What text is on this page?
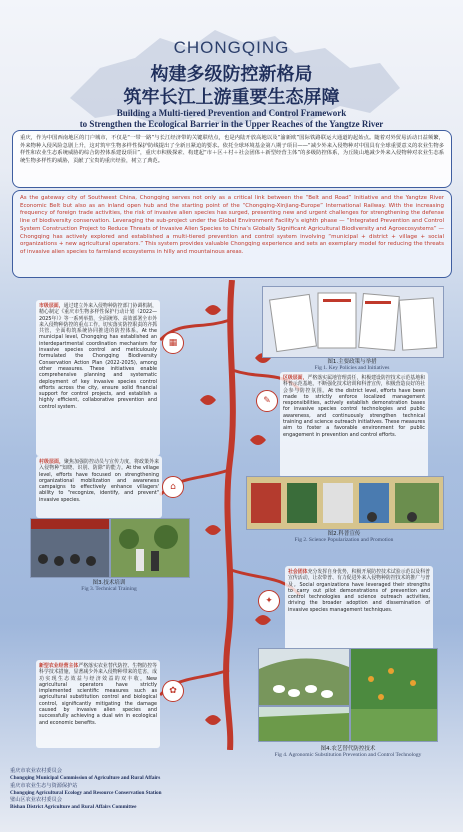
CHONGQING
构建多级防控新格局
筑牢长江上游重要生态屏障
Building a Multi-tiered Prevention and Control Framework
to Strengthen the Ecological Barrier in the Upper Reaches of the Yangtze River

重庆，作为中国西南地区的门户城市，不仅是“一带一路”与长江经济带的关键联结点，也是内陆开放高地以及“渝新欧”国际铁路联运大通道的起始点。随着对外贸易活动日益频繁，外来物种入侵风险急剧上升，这对筑牢生物多样性保护防线提出了全新且紧迫的要求。依托全球环境基金第八期子项目——“减少外来入侵物种对中国具有全球重要意义的农业生物多样性和农业生态系统威胁的综合防控体系建设项目”，重庆市积极探索、构建起“市＋区＋村＋社会团体＋新型经营主体”的多级防控体系，为丘陵山地减少外来入侵物种对农业生态系统生物多样性的威胁，贡献了宝贵的重庆经验，树立了典范。

As the gateway city of Southwest China, Chongqing serves not only as a critical link between the “Belt and Road” Initiative and the Yangtze River Economic Belt but also as an inland open hub and the starting point of the “Chongqing-Xinjiang-Europe” International Railway. With the increasing frequency of foreign trade activities, the risk of invasive alien species has surged, presenting new and urgent challenges for strengthening the defense line of biodiversity conservation. Leveraging the sub-project under the Global Environment Facility’s eighth phase — “Integrated Prevention and Control System Construction Project to Reduce Threats of Invasive Alien Species to China’s Globally Significant Agricultural Biodiversity and Agroecosystems” — Chongqing has actively explored and established a multi-tiered prevention and control system involving “municipal + district + village + social organizations + new agricultural operators.” This system provides valuable Chongqing experience and sets an exemplary model for reducing the threats of invasive alien species to farmland ecosystems in hilly and mountainous areas.

市级层面，通过建立外来入侵物种防控部门协调机制，精心制定《重庆市生物多样性保护行动计划（2022—2025年）》等一系列举措，全面统筹、高效部署全市外来入侵物种防控的重点工作。切实落实防控职责的齐抓共管，全面构筑系统协同推进的防控体系。At the municipal level, Chongqing has established an interdepartmental coordination mechanism for invasive species control and meticulously formulated the Chongqing Biodiversity Conservation Action Plan (2022-2025), among other measures. These initiatives enable comprehensive planning and systematic deployment of key invasive species control efforts across the city, ensure solid financial support for control projects, and establish a highly efficient, collaborative prevention and control system.

▦
图1.主要政策与举措
Fig 1. Key Policies and Initiatives
✎

区级层面，严格落实属地管理责任，积极建设防控技术示范基地和科普示范基地，不断强化技术培训和科普宣传，积极营造良好的社会参与防控氛围。At the district level, efforts have been made to strictly enforce localized management responsibilities, actively establish demonstration bases for invasive species control technologies and public awareness, and continuously strengthen technical training and science outreach initiatives. These measures aim to foster a favorable environment for public engagement in prevention and control efforts.

图2.科普宣传
Fig 2. Science Popularization and Promotion

村级层面，聚焦加强防控动员与宣传力度，将政策外来入侵物种“知晓、识别、防除”的能力。At the village level, efforts have focused on strengthening organizational mobilization and awareness campaigns to effectively enhance villagers' ability to "recognize, identify, and prevent" invasive species.

⌂
图3.技术培训
Fig 3. Technical Training
✦

社会团体充分发挥自身优势，积极开展防控技术试验示范以及科普宣传活动，让农带普、有力促进外来入侵物种防控技术的推广与普及。Social organizations have leveraged their strengths to carry out pilot demonstrations of prevention and control technologies and science outreach activities, driving the broader adoption and dissemination of invasive species management techniques.

新型农业经营主体严格落实农业替代防控、生物防控等科学技术措施，显著减少外来入侵物种带来的危害，成功实现生态效益与经济效益的双丰收。New agricultural operators have strictly implemented scientific measures such as agricultural substitution control and biological control, significantly mitigating the damage caused by invasive alien species and successfully achieving a dual win in ecological and economic benefits.

✿
图4.农艺替代防控技术
Fig 4. Agronomic Substitution Prevention and Control Technology
重庆市农业农村委员会
Chongqing Municipal Commission of Agriculture and Rural Affairs
重庆市农业生态与资源保护站
Chongqing Agricultural Ecology and Resource Conservation Station
璧山区农业农村委员会
Bishan District Agriculture and Rural Affairs Committee
